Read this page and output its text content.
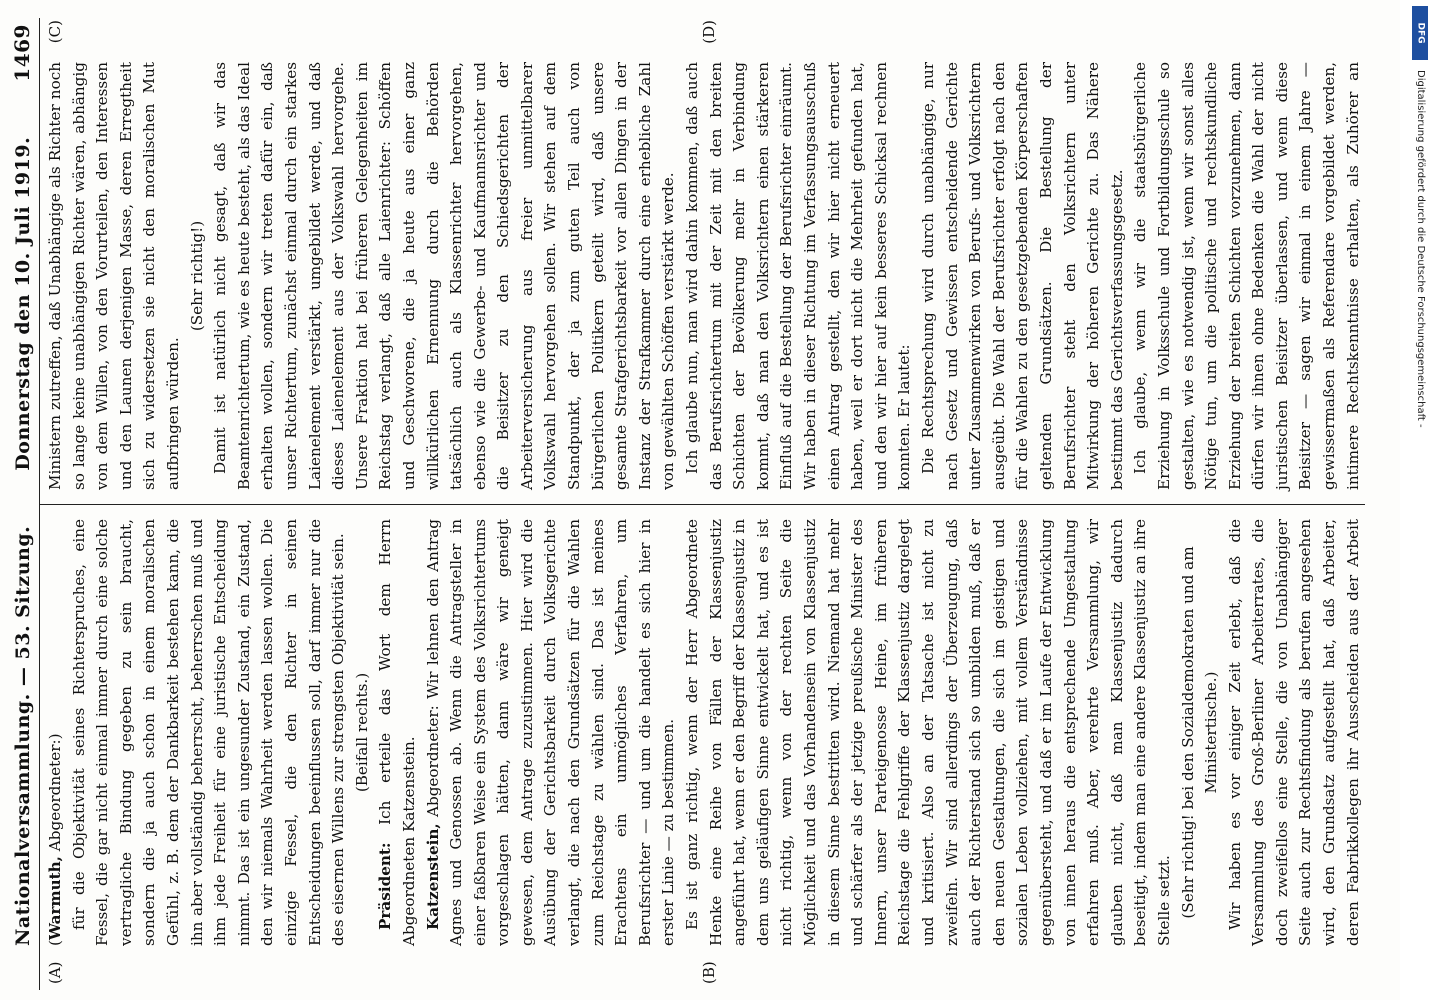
Nationalversammlung. — 53. Sitzung.
Donnerstag den 10. Juli 1919.
1469
(A)	(B)
(C)	(D)

(Warmuth, Abgeordneter:) für die Objektivität seines Richterspruches, eine Fessel, die gar nicht einmal immer durch eine solche vertragliche Bindung gegeben zu sein braucht, sondern die ja auch schon in einem moralischen Gefühl, z. B. dem der Dankbarkeit bestehen kann, die ihn aber vollständig beherrscht, beherrschen muß und ihm jede Freiheit für eine juristische Entscheidung nimmt. Das ist ein ungesunder Zustand, ein Zustand, den wir niemals Wahrheit werden lassen wollen. Die einzige Fessel, die den Richter in seinen Entscheidungen beeinflussen soll, darf immer nur die des eisernen Willens zur strengsten Objektivität sein. (Beifall rechts.)

Präsident: Ich erteile das Wort dem Herrn Abgeordneten Katzenstein. Katzenstein, Abgeordneter: Wir lehnen den Antrag Agnes und Genossen ab. Wenn die Antragsteller in einer faßbaren Weise ein System des Volksrichtertums vorgeschlagen hätten, dann wäre wir geneigt gewesen, dem Antrage zuzustimmen. Hier wird die Ausübung der Gerichtsbarkeit durch Volksgerichte verlangt, die nach den Grundsätzen für die Wahlen zum Reichstage zu wählen sind. Das ist meines Erachtens ein unmögliches Verfahren, um Berufsrichter — und um die handelt es sich hier in erster Linie — zu bestimmen. Es ist ganz richtig, wenn der Herr Abgeordnete Henke eine Reihe von Fällen der Klassenjustiz angeführt hat, wenn er den Begriff der Klassenjustiz in dem uns geläufigen Sinne entwickelt hat, und es ist nicht richtig, wenn von der rechten Seite die Möglichkeit und das Vorhandensein von Klassenjustiz in diesem Sinne bestritten wird. Niemand hat mehr und schärfer als der jetzige preußische Minister des Innern, unser Parteigenosse Heine, im früheren Reichstage die Fehlgriffe der Klassenjustiz dargelegt und kritisiert. Also an der Tatsache ist nicht zu zweifeln. Wir sind allerdings der Überzeugung, daß auch der Richterstand sich so umbilden muß, daß er den neuen Gestaltungen, die sich im geistigen und sozialen Leben vollziehen, mit vollem Verständnisse gegenübersteht, und daß er im Laufe der Entwicklung von innen heraus die entsprechende Umgestaltung erfahren muß. Aber, verehrte Versammlung, wir glauben nicht, daß man Klassenjustiz dadurch beseitigt, indem man eine andere Klassenjustiz an ihre Stelle setzt. (Sehr richtig! bei den Sozialdemokraten und am Ministertische.)

Wir haben es vor einiger Zeit erlebt, daß die Versammlung des Groß-Berliner Arbeiterrates, die doch zweifellos eine Stelle, die von Unabhängiger Seite auch zur Rechtsfindung als berufen angesehen wird, den Grundsatz aufgestellt hat, daß Arbeiter, deren Fabrikkollegen ihr Ausscheiden aus der Arbeit

Ministern zutreffen, daß Unabhängige als Richter noch so lange keine unabhängigen Richter wären, abhängig von dem Willen, von den Vorurteilen, den Interessen und den Launen derjenigen Masse, deren Erregtheit sich zu widersetzen sie nicht den moralischen Mut aufbringen würden.

(Sehr richtig!) Damit ist natürlich nicht gesagt, daß wir das Beamtenrichtertum, wie es heute besteht, als das Ideal erhalten wollen, sondern wir treten dafür ein, daß unser Richtertum, zunächst einmal durch ein starkes Laienelement verstärkt, umgebildet werde, und daß dieses Laienelement aus der Volkswahl hervorgehe. Unsere Fraktion hat bei früheren Gelegenheiten im Reichstag verlangt, daß alle Laienrichter: Schöffen und Geschworene, die ja heute aus einer ganz willkürlichen Ernennung durch die Behörden tatsächlich auch als Klassenrichter hervorgehen, ebenso wie die Gewerbe- und Kaufmannsrichter und die Beisitzer zu den Schiedsgerichten der Arbeiterversicherung aus freier unmittelbarer Volkswahl hervorgehen sollen. Wir stehen auf dem Standpunkt, der ja zum guten Teil auch von bürgerlichen Politikern geteilt wird, daß unsere gesamte Strafgerichtsbarkeit vor allen Dingen in der Instanz der Strafkammer durch eine erhebliche Zahl von gewählten Schöffen verstärkt werde. Ich glaube nun, man wird dahin kommen, daß auch das Berufsrichtertum mit der Zeit mit den breiten Schichten der Bevölkerung mehr in Verbindung kommt, daß man den Volksrichtern einen stärkeren Einfluß auf die Bestellung der Berufsrichter einräumt. Wir haben in dieser Richtung im Verfassungsausschuß einen Antrag gestellt, den wir hier nicht erneuert haben, weil er dort nicht die Mehrheit gefunden hat, und den wir hier auf kein besseres Schicksal rechnen konnten. Er lautet: Die Rechtsprechung wird durch unabhängige, nur nach Gesetz und Gewissen entscheidende Gerichte unter Zusammenwirken von Berufs- und Volksrichtern ausgeübt. Die Wahl der Berufsrichter erfolgt nach den für die Wahlen zu den gesetzgebenden Körperschaften geltenden Grundsätzen. Die Bestellung der Berufsrichter steht den Volksrichtern unter Mitwirkung der höheren Gerichte zu. Das Nähere bestimmt das Gerichtsverfassungsgesetz. Ich glaube, wenn wir die staatsbürgerliche Erziehung in Volksschule und Fortbildungsschule so gestalten, wie es notwendig ist, wenn wir sonst alles Nötige tun, um die politische und rechtskundliche Erziehung der breiten Schichten vorzunehmen, dann dürfen wir ihnen ohne Bedenken die Wahl der nicht juristischen Beisitzer überlassen, und wenn diese Beisitzer — sagen wir einmal in einem Jahre — gewissermaßen als Referendare vorgebildet werden, intimere Rechtskenntnisse erhalten, als Zuhörer an

DFG
Digitalisierung gefördert durch die Deutsche Forschungsgemeinschaft -
